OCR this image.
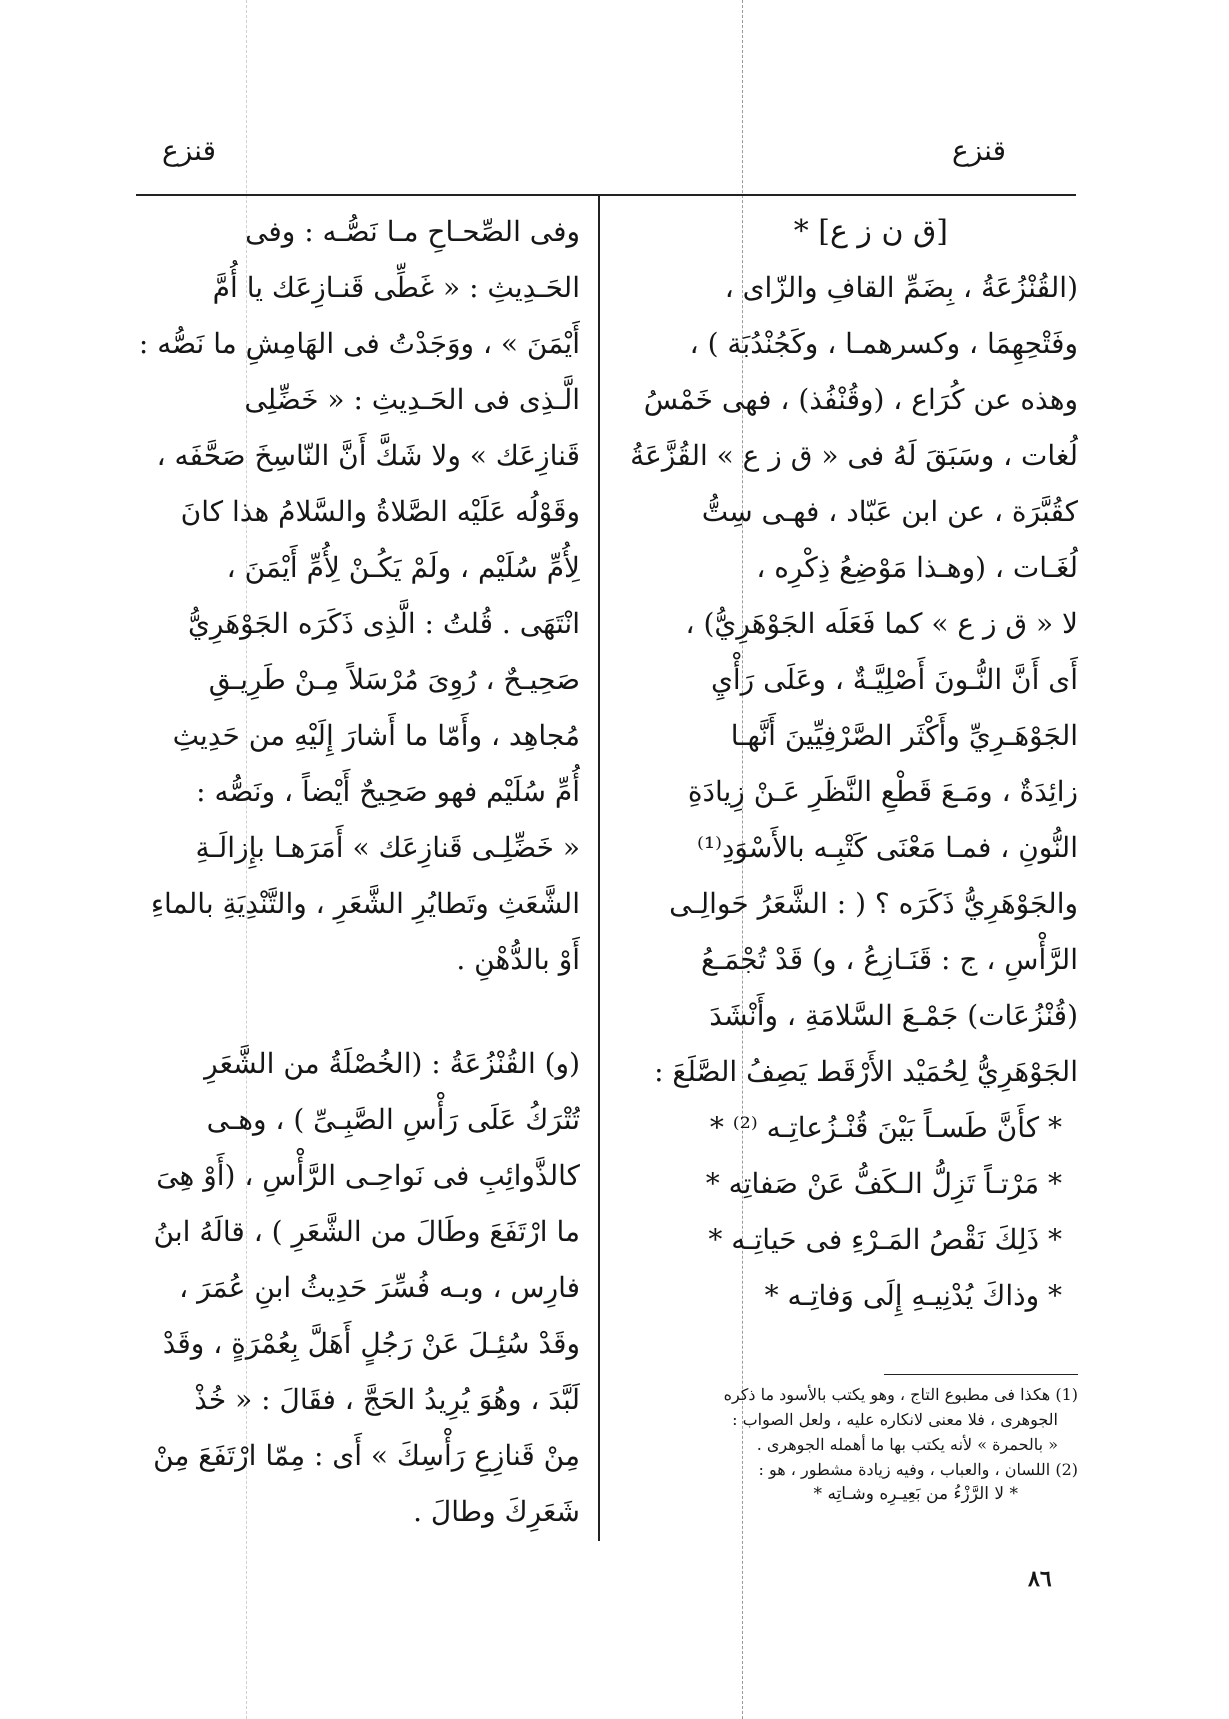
قنزع
قنزع
[ق ن ز ع] *
(القُنْزُعَةُ ، بِضَمِّ القافِ والزّاى ،
وفَتْحِهِمَا ، وكسرهمـا ، وكَجُنْدُبَة ) ،
وهذه عن كُرَاع ، (وقُنْفُذ) ، فهى خَمْسُ
لُغات ، وسَبَقَ لَهُ فى « ق ز ع » القُزَّعَةُ
كقُبَّرَة ، عن ابن عَبّاد ، فهـى سِتُّ
لُغَـات ، (وهـذا مَوْضِعُ ذِكْرِه ،
لا « ق ز ع » كما فَعَلَه الجَوْهَرِيُّ) ،
أَى أَنَّ النُّـونَ أَصْلِيَّـةٌ ، وعَلَى رَأْيِ
الجَوْهَـرِيِّ وأَكْثَر الصَّرْفِيِّينَ أَنَّهـا
زائِدَةٌ ، ومَـعَ قَطْعِ النَّظَرِ عَـنْ زِيادَةِ
النُّونِ ، فمـا مَعْنَى كَتْبِـه بالأَسْوَدِ⁽¹⁾
والجَوْهَرِيُّ ذَكَرَه ؟ ( : الشَّعَرُ حَوالِـى
الرَّأْسِ ، ج : قَنَـازِعُ ، و) قَدْ تُجْمَـعُ
(قُنْزُعَات) جَمْـعَ السَّلامَةِ ، وأَنْشَدَ
الجَوْهَرِيُّ لِحُمَيْد الأَرْقَط يَصِفُ الصَّلَعَ :
* كأَنَّ طَسـاً بَيْنَ قُنْـزُعاتِـه ⁽²⁾ *
* مَرْتـاً تَزِلُّ الـكَفُّ عَنْ صَفاتِه *
* ذَلِكَ نَقْصُ المَـرْءِ فى حَياتِـه *
* وذاكَ يُدْنِيـهِ إِلَى وَفاتِـه *
(1) هكذا فى مطبوع التاج ، وهو يكتب بالأسود ما ذكره
الجوهرى ، فلا معنى لانكاره عليه ، ولعل الصواب :
« بالحمرة » لأنه يكتب بها ما أهمله الجوهرى .
(2) اللسان ، والعباب ، وفيه زيادة مشطور ، هو :
* لا الرَّزْءُ من بَعِيـرِه وشـاتِه *
وفى الصِّحـاحِ مـا نَصُّـه : وفى
الحَـدِيثِ : « غَطِّى قَنـازِعَك يا أُمَّ
أَيْمَنَ » ، ووَجَدْتُ فى الهَامِشِ ما نَصُّه :
الَّـذِى فى الحَـدِيثِ : « خَضِّلِى
قَنازِعَك » ولا شَكَّ أَنَّ النّاسِخَ صَحَّفَه ،
وقَوْلُه عَلَيْه الصَّلاةُ والسَّلامُ هذا كانَ
لِأُمِّ سُلَيْم ، ولَمْ يَكُـنْ لِأُمِّ أَيْمَنَ ،
انْتَهَى . قُلتُ : الَّذِى ذَكَرَه الجَوْهَرِيُّ
صَحِيـحٌ ، رُوِىَ مُرْسَلاً مِـنْ طَرِيـقِ
مُجاهِد ، وأَمّا ما أَشارَ إِلَيْهِ من حَدِيثِ
أُمِّ سُلَيْم فهو صَحِيحٌ أَيْضاً ، ونَصُّه :
« خَضِّلِـى قَنازِعَك » أَمَرَهـا بإِزالَـةِ
الشَّعَثِ وتَطايُرِ الشَّعَرِ ، والتَّنْدِيَةِ بالماءِ
أَوْ بالدُّهْنِ .
(و) القُنْزُعَةُ : (الخُصْلَةُ من الشَّعَرِ
تُتْرَكُ عَلَى رَأْسِ الصَّبِـىِّ ) ، وهـى
كالذَّوائِبِ فى نَواحِـى الرَّأْسِ ، (أَوْ هِىَ
ما ارْتَفَعَ وطَالَ من الشَّعَرِ ) ، قالَهُ ابنُ
فارِس ، وبـه فُسِّرَ حَدِيثُ ابنِ عُمَرَ ،
وقَدْ سُئِـلَ عَنْ رَجُلٍ أَهَلَّ بِعُمْرَةٍ ، وقَدْ
لَبَّدَ ، وهُوَ يُرِيدُ الحَجَّ ، فقَالَ : « خُذْ
مِنْ قَنازِعِ رَأْسِكَ » أَى : مِمّا ارْتَفَعَ مِنْ
شَعَرِكَ وطالَ .
٨٦
